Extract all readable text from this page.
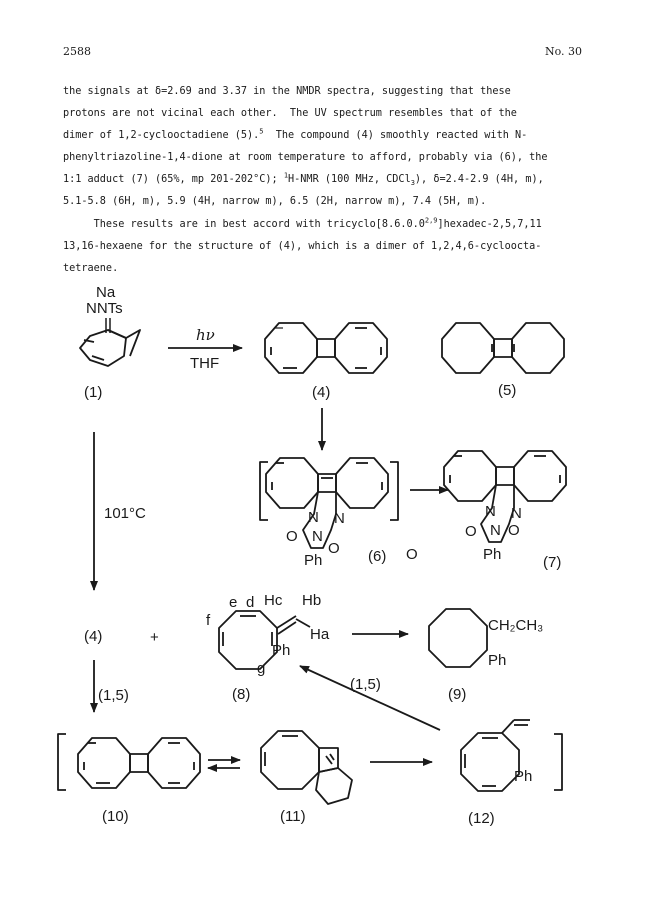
2588	No. 30
the signals at δ=2.69 and 3.37 in the NMDR spectra, suggesting that these
protons are not vicinal each other.  The UV spectrum resembles that of the
dimer of 1,2-cyclooctadiene (5).$^5$  The compound (4) smoothly reacted with N-
phenyltriazoline-1,4-dione at room temperature to afford, probably via (6), the
1:1 adduct (7) (65%, mp 201-202°C); $^1$H-NMR (100 MHz, CDCl$_3$), δ=2.4-2.9 (4H, m),
5.1-5.8 (6H, m), 5.9 (4H, narrow m), 6.5 (2H, narrow m), 7.4 (5H, m).
These results are in best accord with tricyclo[8.6.0.0$^{2,9}$]hexadec-2,5,7,11
13,16-hexaene for the structure of (4), which is a dimer of 1,2,4,6-cycloocta-
tetraene.
Na
NNTs
hν
THF
N
O
Ph
N
O
Ph
101°C
+
CH₂CH₃
(1,5)
(1)	(4)	(5)
(6)	(7)
(4)
(8)	(9)
(10)	(11)	(12)
O
N
N
O
N
N O
Hc Hb
Ha
e d
f
g
Ph
Ph
Ph
(1,5)
